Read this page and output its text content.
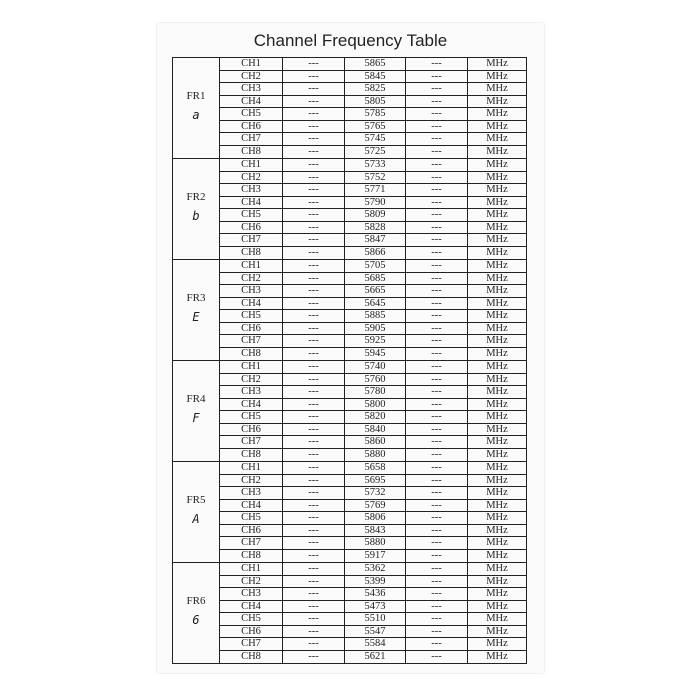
Channel Frequency Table
FR1
a
CH1	---	5865	---	MHz
CH2	---	5845	---	MHz
CH3	---	5825	---	MHz
CH4	---	5805	---	MHz
CH5	---	5785	---	MHz
CH6	---	5765	---	MHz
CH7	---	5745	---	MHz
CH8	---	5725	---	MHz
FR2
b
CH1	---	5733	---	MHz
CH2	---	5752	---	MHz
CH3	---	5771	---	MHz
CH4	---	5790	---	MHz
CH5	---	5809	---	MHz
CH6	---	5828	---	MHz
CH7	---	5847	---	MHz
CH8	---	5866	---	MHz
FR3
E
CH1	---	5705	---	MHz
CH2	---	5685	---	MHz
CH3	---	5665	---	MHz
CH4	---	5645	---	MHz
CH5	---	5885	---	MHz
CH6	---	5905	---	MHz
CH7	---	5925	---	MHz
CH8	---	5945	---	MHz
FR4
F
CH1	---	5740	---	MHz
CH2	---	5760	---	MHz
CH3	---	5780	---	MHz
CH4	---	5800	---	MHz
CH5	---	5820	---	MHz
CH6	---	5840	---	MHz
CH7	---	5860	---	MHz
CH8	---	5880	---	MHz
FR5
A
CH1	---	5658	---	MHz
CH2	---	5695	---	MHz
CH3	---	5732	---	MHz
CH4	---	5769	---	MHz
CH5	---	5806	---	MHz
CH6	---	5843	---	MHz
CH7	---	5880	---	MHz
CH8	---	5917	---	MHz
FR6
6
CH1	---	5362	---	MHz
CH2	---	5399	---	MHz
CH3	---	5436	---	MHz
CH4	---	5473	---	MHz
CH5	---	5510	---	MHz
CH6	---	5547	---	MHz
CH7	---	5584	---	MHz
CH8	---	5621	---	MHz
